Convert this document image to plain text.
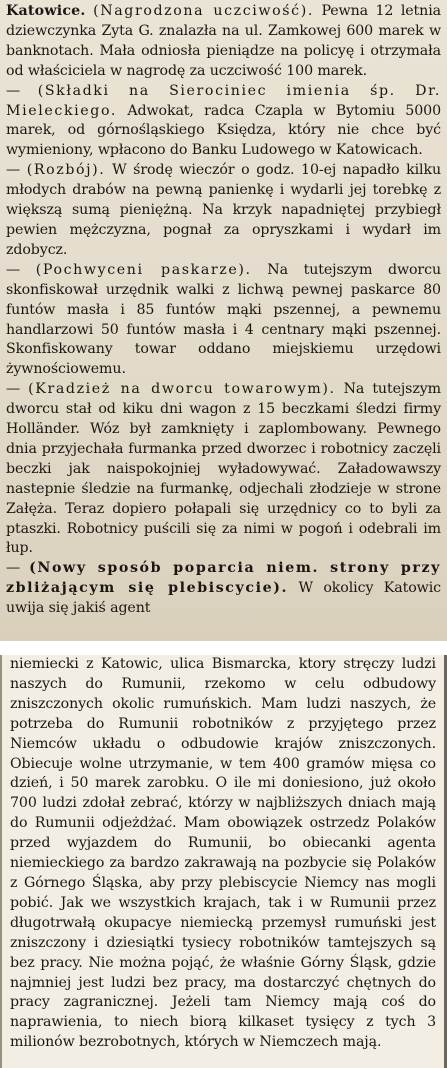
Katowice. (Nagrodzona uczciwość). Pewna 12 letnia dziewczynka Zyta G. znalazła na ul. Zamkowej 600 marek w banknotach. Mała odniosła pieniądze na policyę i otrzymała od właściciela w nagrodę za uczciwość 100 marek.

— (Składki na Sierociniec imienia śp. Dr. Mieleckiego. Adwokat, radca Czapla w Bytomiu 5000 marek, od górnośląskiego Księdza, który nie chce być wymieniony, wpłacono do Banku Ludowego w Katowicach.

— (Rozbój). W środę wieczór o godz. 10-ej napadło kilku młodych drabów na pewną paniеnkę i wydarli jej torebkę z większą sumą pieniężną. Na krzyk napadniętej przybiegł pewien mężczyzna, pognał za opryszkami i wydarł im zdobycz.

— (Pochwyceni paskarze). Na tutejszym dworcu skonfiskował urzędnik walki z lichwą pewnej paskarce 80 funtów masła i 85 funtów mąki pszennej, a pewnemu handlarzowi 50 funtów masła i 4 centnary mąki pszennej. Skonfiskowany towar oddano miejskiemu urzędowi żywnościowemu.

— (Kradzież na dworcu towarowym). Na tutejszym dworcu stał od kiku dni wagon z 15 beczkami śledzi firmy Holländer. Wóz był zamknięty i zaplombowany. Pewnego dnia przyjechała furmanka przed dworzec i robotnicy zaczęli beczki jak naispokojniej wyładowywać. Załadowawszy nastepnie śledzie na furmankę, odjechali złodzieje w strone Załęża. Teraz dopiero połapali się urzędnicy co to byli za ptaszki. Robotnicy puścili się za nimi w pogoń i odebrali im łup.

— (Nowy sposób poparcia niem. strony przy zbliżającym się plebiscycie). W okolicy Katowic uwija się jakiś agent

niemiecki z Katowic, ulica Bismarcka, ktory stręczy ludzi naszych do Rumunii, rzekomo w celu odbudowy zniszczonych okolic rumuńskich. Mam ludzi naszych, że potrzeba do Rumunii robotników z przyjętego przez Niemców układu o odbudowie krajów zniszczonych. Obiecuje wolne utrzymanie, w tem 400 gramów mięsa co dzień, i 50 marek zarobku. O ile mi doniesiono, już około 700 ludzi zdołał zebrać, którzy w najbliższych dniach mają do Rumunii odjeżdżać. Mam obowiązek ostrzedz Polaków przed wyjazdem do Rumunii, bo obiecanki agenta niemieckiego za bardzo zakrawają na pozbycie się Polaków z Górnego Śląska, aby przy plebiscycie Niemcy nas mogli pobić. Jak we wszystkich krajach, tak i w Rumunii przez długotrwałą okupacye niemiecką przemysł rumuński jest zniszczony i dziesiątki tysiecy robotników tamtejszych są bez pracy. Nie można pojąć, że właśnie Górny Śląsk, gdzie najmniej jest ludzi bez pracy, ma dostarczyć chętnych do pracy zagranicznej. Jeżeli tam Niemcy mają coś do naprawienia, to niech biorą kilkaset tysięcy z tych 3 milionów bezrobotnych, których w Niemczech mają.
